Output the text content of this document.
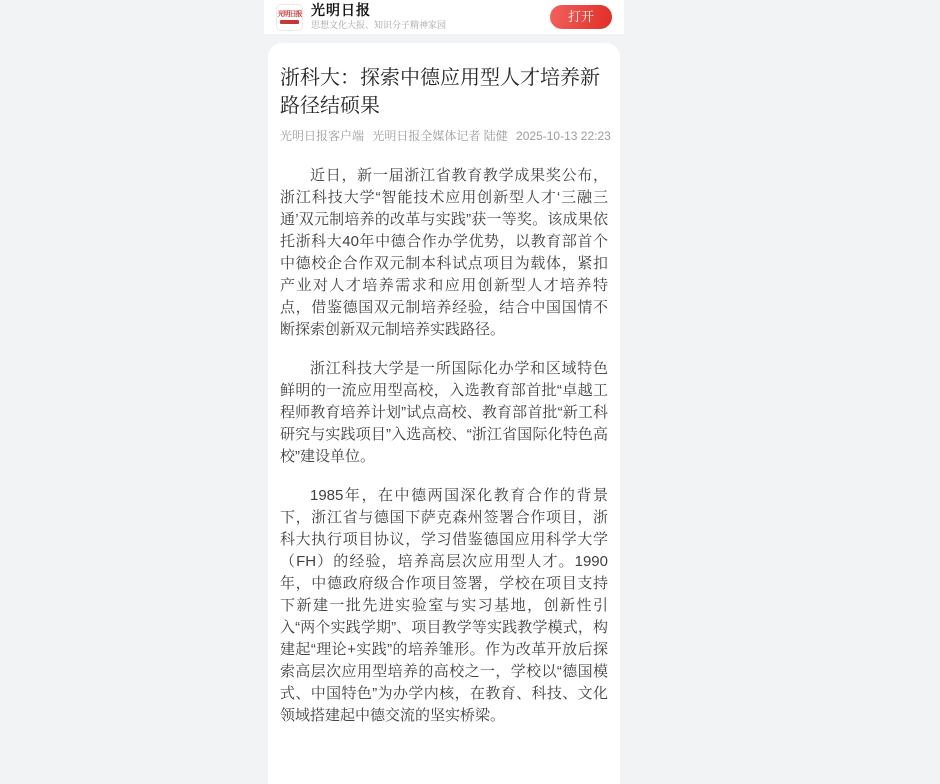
光明日报 光明日报
思想文化大报、知识分子精神家园
打开
浙科大：探索中德应用型人才培养新路径结硕果
光明日报客户端 光明日报全媒体记者 陆健 2025-10-13 22:23

近日，新一届浙江省教育教学成果奖公布，浙江科技大学“智能技术应用创新型人才‘三融三通’双元制培养的改革与实践”获一等奖。该成果依托浙科大40年中德合作办学优势，以教育部首个中德校企合作双元制本科试点项目为载体，紧扣产业对人才培养需求和应用创新型人才培养特点，借鉴德国双元制培养经验，结合中国国情不断探索创新双元制培养实践路径。

浙江科技大学是一所国际化办学和区域特色鲜明的一流应用型高校，入选教育部首批“卓越工程师教育培养计划”试点高校、教育部首批“新工科研究与实践项目”入选高校、“浙江省国际化特色高校”建设单位。

1985年，在中德两国深化教育合作的背景下，浙江省与德国下萨克森州签署合作项目，浙科大执行项目协议，学习借鉴德国应用科学大学（FH）的经验，培养高层次应用型人才。1990年，中德政府级合作项目签署，学校在项目支持下新建一批先进实验室与实习基地，创新性引入“两个实践学期”、项目教学等实践教学模式，构建起“理论+实践”的培养雏形。作为改革开放后探索高层次应用型培养的高校之一，学校以“德国模式、中国特色”为办学内核，在教育、科技、文化领域搭建起中德交流的坚实桥梁。
